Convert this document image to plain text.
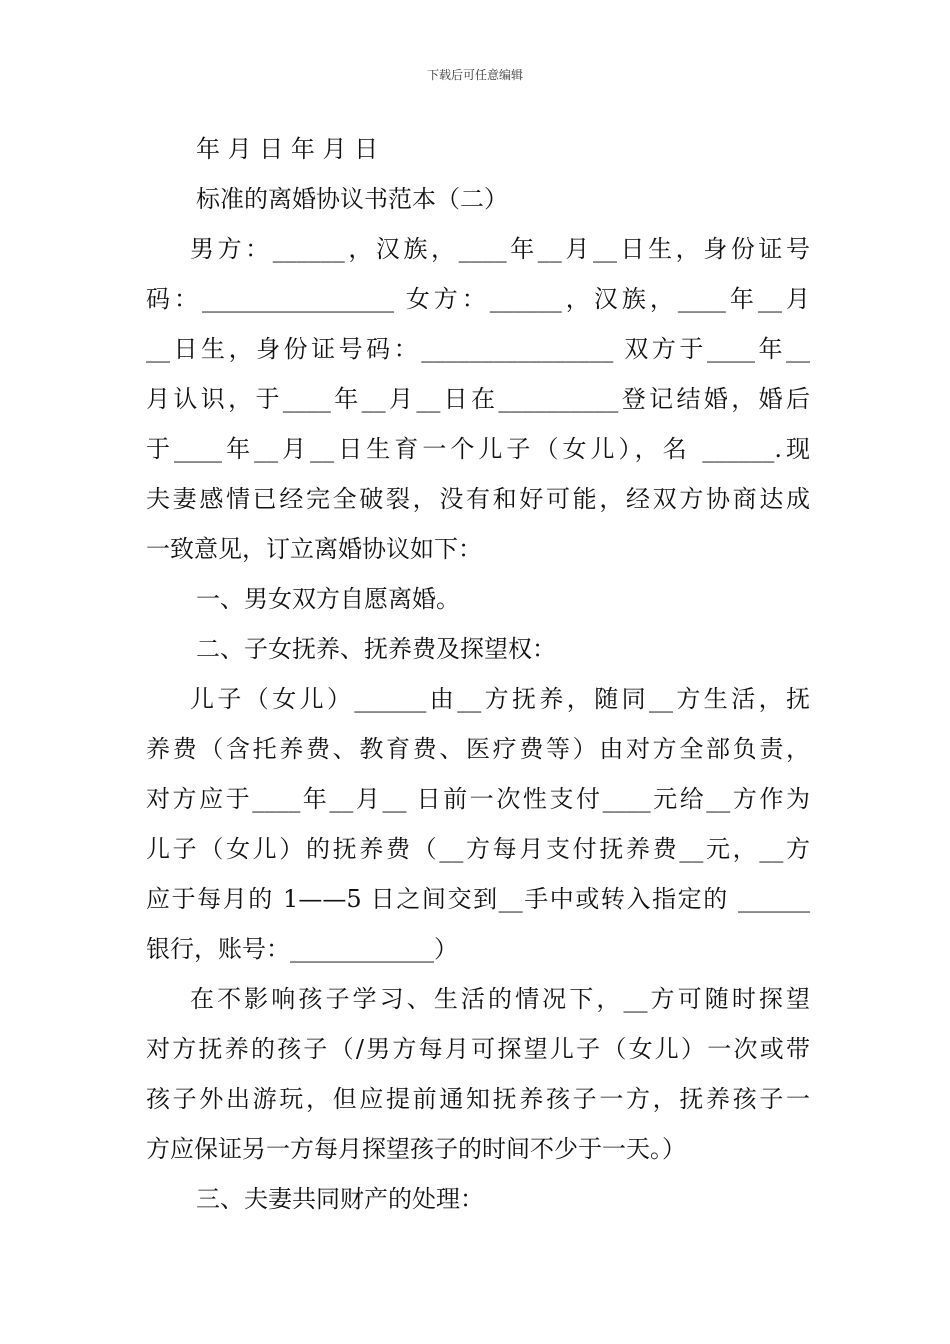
下载后可任意编辑
年 月 日 年 月 日
标准的离婚协议书范本（二）
男方：______，汉族，____年__月__日生，身份证号
码：________________ 女方：______，汉族，____年__月
__日生，身份证号码：________________ 双方于____年__
月认识，于____年__月__日在__________登记结婚，婚后
于____年__月__日生育一个儿子（女儿），名 ______.现
夫妻感情已经完全破裂，没有和好可能，经双方协商达成
一致意见，订立离婚协议如下：
一、男女双方自愿离婚。
二、子女抚养、抚养费及探望权：
儿子（女儿）______由__方抚养，随同__方生活，抚
养费（含托养费、教育费、医疗费等）由对方全部负责，
对方应于____年__月__ 日前一次性支付____元给__方作为
儿子（女儿）的抚养费（__方每月支付抚养费__元，__方
应于每月的 1——5 日之间交到__手中或转入指定的 ______
银行，账号：____________）
在不影响孩子学习、生活的情况下，__方可随时探望
对方抚养的孩子（/男方每月可探望儿子（女儿）一次或带
孩子外出游玩，但应提前通知抚养孩子一方，抚养孩子一
方应保证另一方每月探望孩子的时间不少于一天。）
三、夫妻共同财产的处理：
